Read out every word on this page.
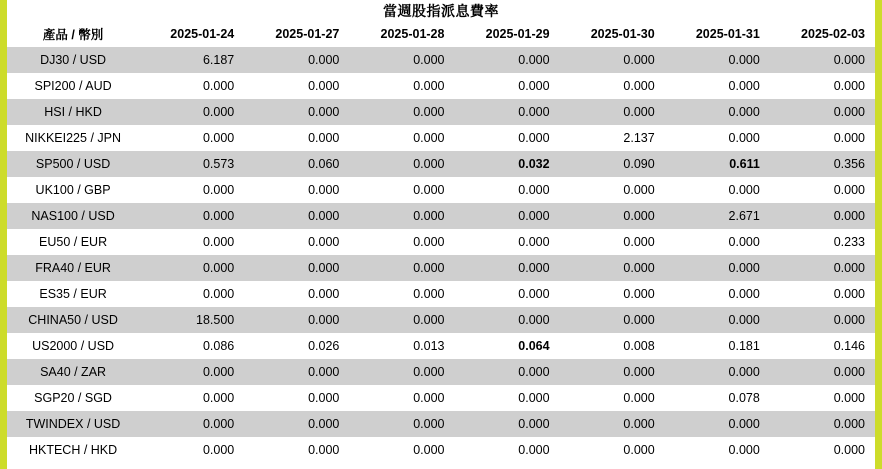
當週股指派息費率
產品 / 幣別	2025-01-24	2025-01-27	2025-01-28	2025-01-29	2025-01-30	2025-01-31	2025-02-03
DJ30 / USD	6.187	0.000	0.000	0.000	0.000	0.000	0.000
SPI200 / AUD	0.000	0.000	0.000	0.000	0.000	0.000	0.000
HSI / HKD	0.000	0.000	0.000	0.000	0.000	0.000	0.000
NIKKEI225 / JPN	0.000	0.000	0.000	0.000	2.137	0.000	0.000
SP500 / USD	0.573	0.060	0.000	0.032	0.090	0.611	0.356
UK100 / GBP	0.000	0.000	0.000	0.000	0.000	0.000	0.000
NAS100 / USD	0.000	0.000	0.000	0.000	0.000	2.671	0.000
EU50 / EUR	0.000	0.000	0.000	0.000	0.000	0.000	0.233
FRA40 / EUR	0.000	0.000	0.000	0.000	0.000	0.000	0.000
ES35 / EUR	0.000	0.000	0.000	0.000	0.000	0.000	0.000
CHINA50 / USD	18.500	0.000	0.000	0.000	0.000	0.000	0.000
US2000 / USD	0.086	0.026	0.013	0.064	0.008	0.181	0.146
SA40 / ZAR	0.000	0.000	0.000	0.000	0.000	0.000	0.000
SGP20 / SGD	0.000	0.000	0.000	0.000	0.000	0.078	0.000
TWINDEX / USD	0.000	0.000	0.000	0.000	0.000	0.000	0.000
HKTECH / HKD	0.000	0.000	0.000	0.000	0.000	0.000	0.000
